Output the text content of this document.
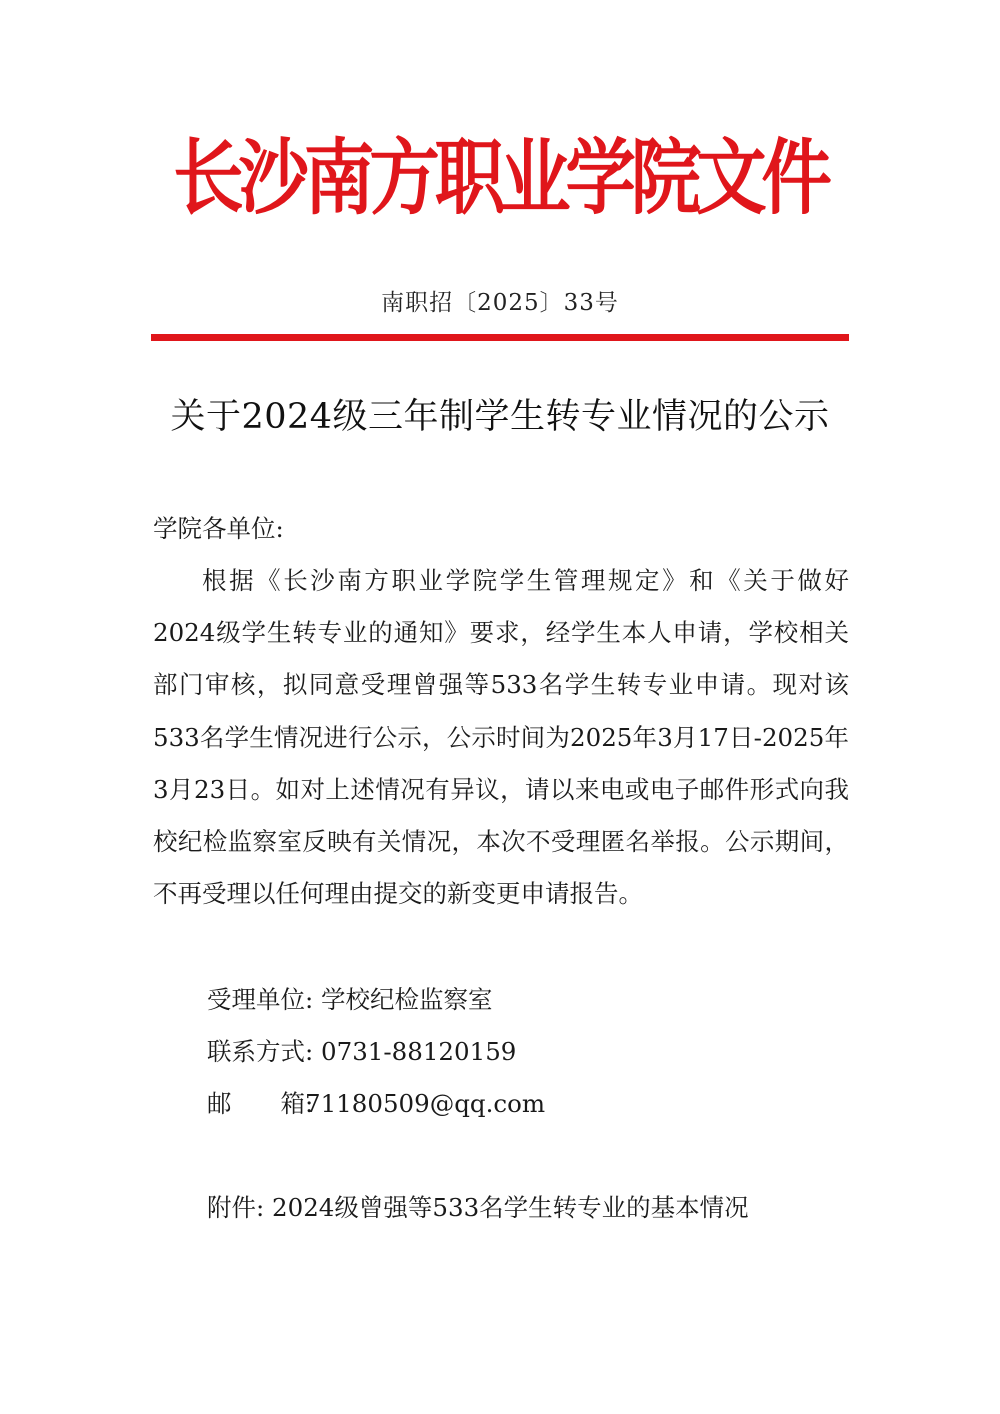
长沙南方职业学院文件
南职招〔2025〕33号
关于2024级三年制学生转专业情况的公示
学院各单位:
根据《长沙南方职业学院学生管理规定》和《关于做好2024级学生转专业的通知》要求，经学生本人申请，学校相关部门审核，拟同意受理曾强等533名学生转专业申请。现对该533名学生情况进行公示，公示时间为2025年3月17日-2025年3月23日。如对上述情况有异议，请以来电或电子邮件形式向我校纪检监察室反映有关情况，本次不受理匿名举报。公示期间，不再受理以任何理由提交的新变更申请报告。
受理单位: 学校纪检监察室
联系方式: 0731-88120159
邮　　箱:71180509@qq.com
附件: 2024级曾强等533名学生转专业的基本情况
